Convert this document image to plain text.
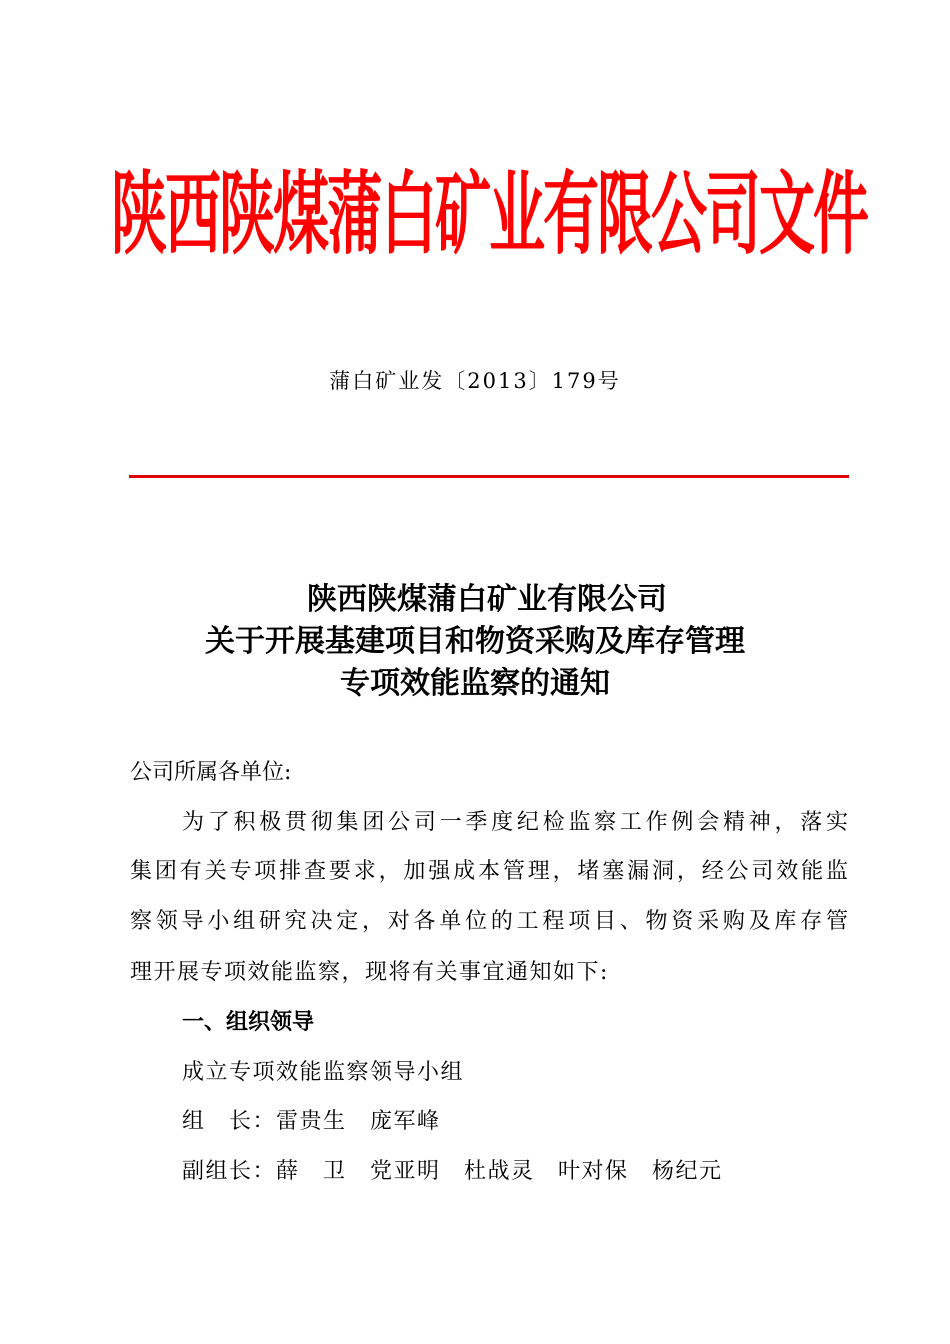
陕西陕煤蒲白矿业有限公司文件
蒲白矿业发〔2013〕179号
陕西陕煤蒲白矿业有限公司
关于开展基建项目和物资采购及库存管理
专项效能监察的通知
公司所属各单位:
为了积极贯彻集团公司一季度纪检监察工作例会精神，落实
集团有关专项排查要求，加强成本管理，堵塞漏洞，经公司效能监
察领导小组研究决定，对各单位的工程项目、物资采购及库存管
理开展专项效能监察，现将有关事宜通知如下:
一、组织领导
成立专项效能监察领导小组
组　长：雷贵生　庞军峰
副组长：薛　卫　党亚明　杜战灵　叶对保　杨纪元
